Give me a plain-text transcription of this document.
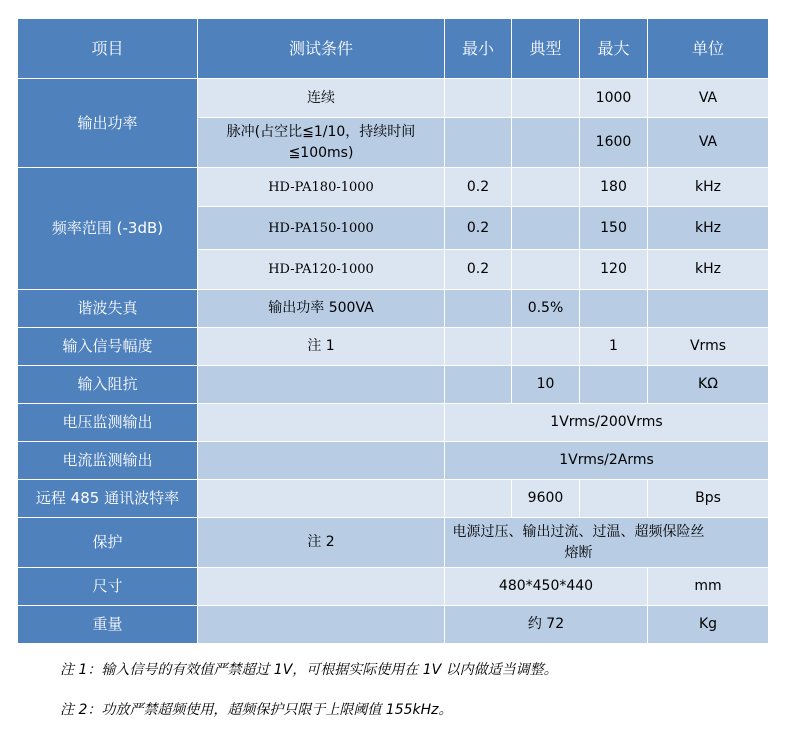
项目	测试条件	最小	典型	最大	单位
输出功率	连续			1000	VA
	脉冲(占空比≦1/10，持续时间≦100ms)			1600	VA
频率范围 (-3dB)	HD-PA180-1000	0.2		180	kHz
	HD-PA150-1000	0.2		150	kHz
	HD-PA120-1000	0.2		120	kHz
谐波失真	输出功率 500VA		0.5%		
输入信号幅度	注 1			1	Vrms
输入阻抗			10		KΩ
电压监测输出		1Vrms/200Vrms			
电流监测输出		1Vrms/2Arms			
远程 485 通讯波特率			9600		Bps
保护	注 2	电源过压、输出过流、过温、超频保险丝熔断			
尺寸		480*450*440			mm
重量		约 72			Kg
注 1：输入信号的有效值严禁超过 1V，可根据实际使用在 1V 以内做适当调整。
注 2：功放严禁超频使用，超频保护只限于上限阈值 155kHz。
